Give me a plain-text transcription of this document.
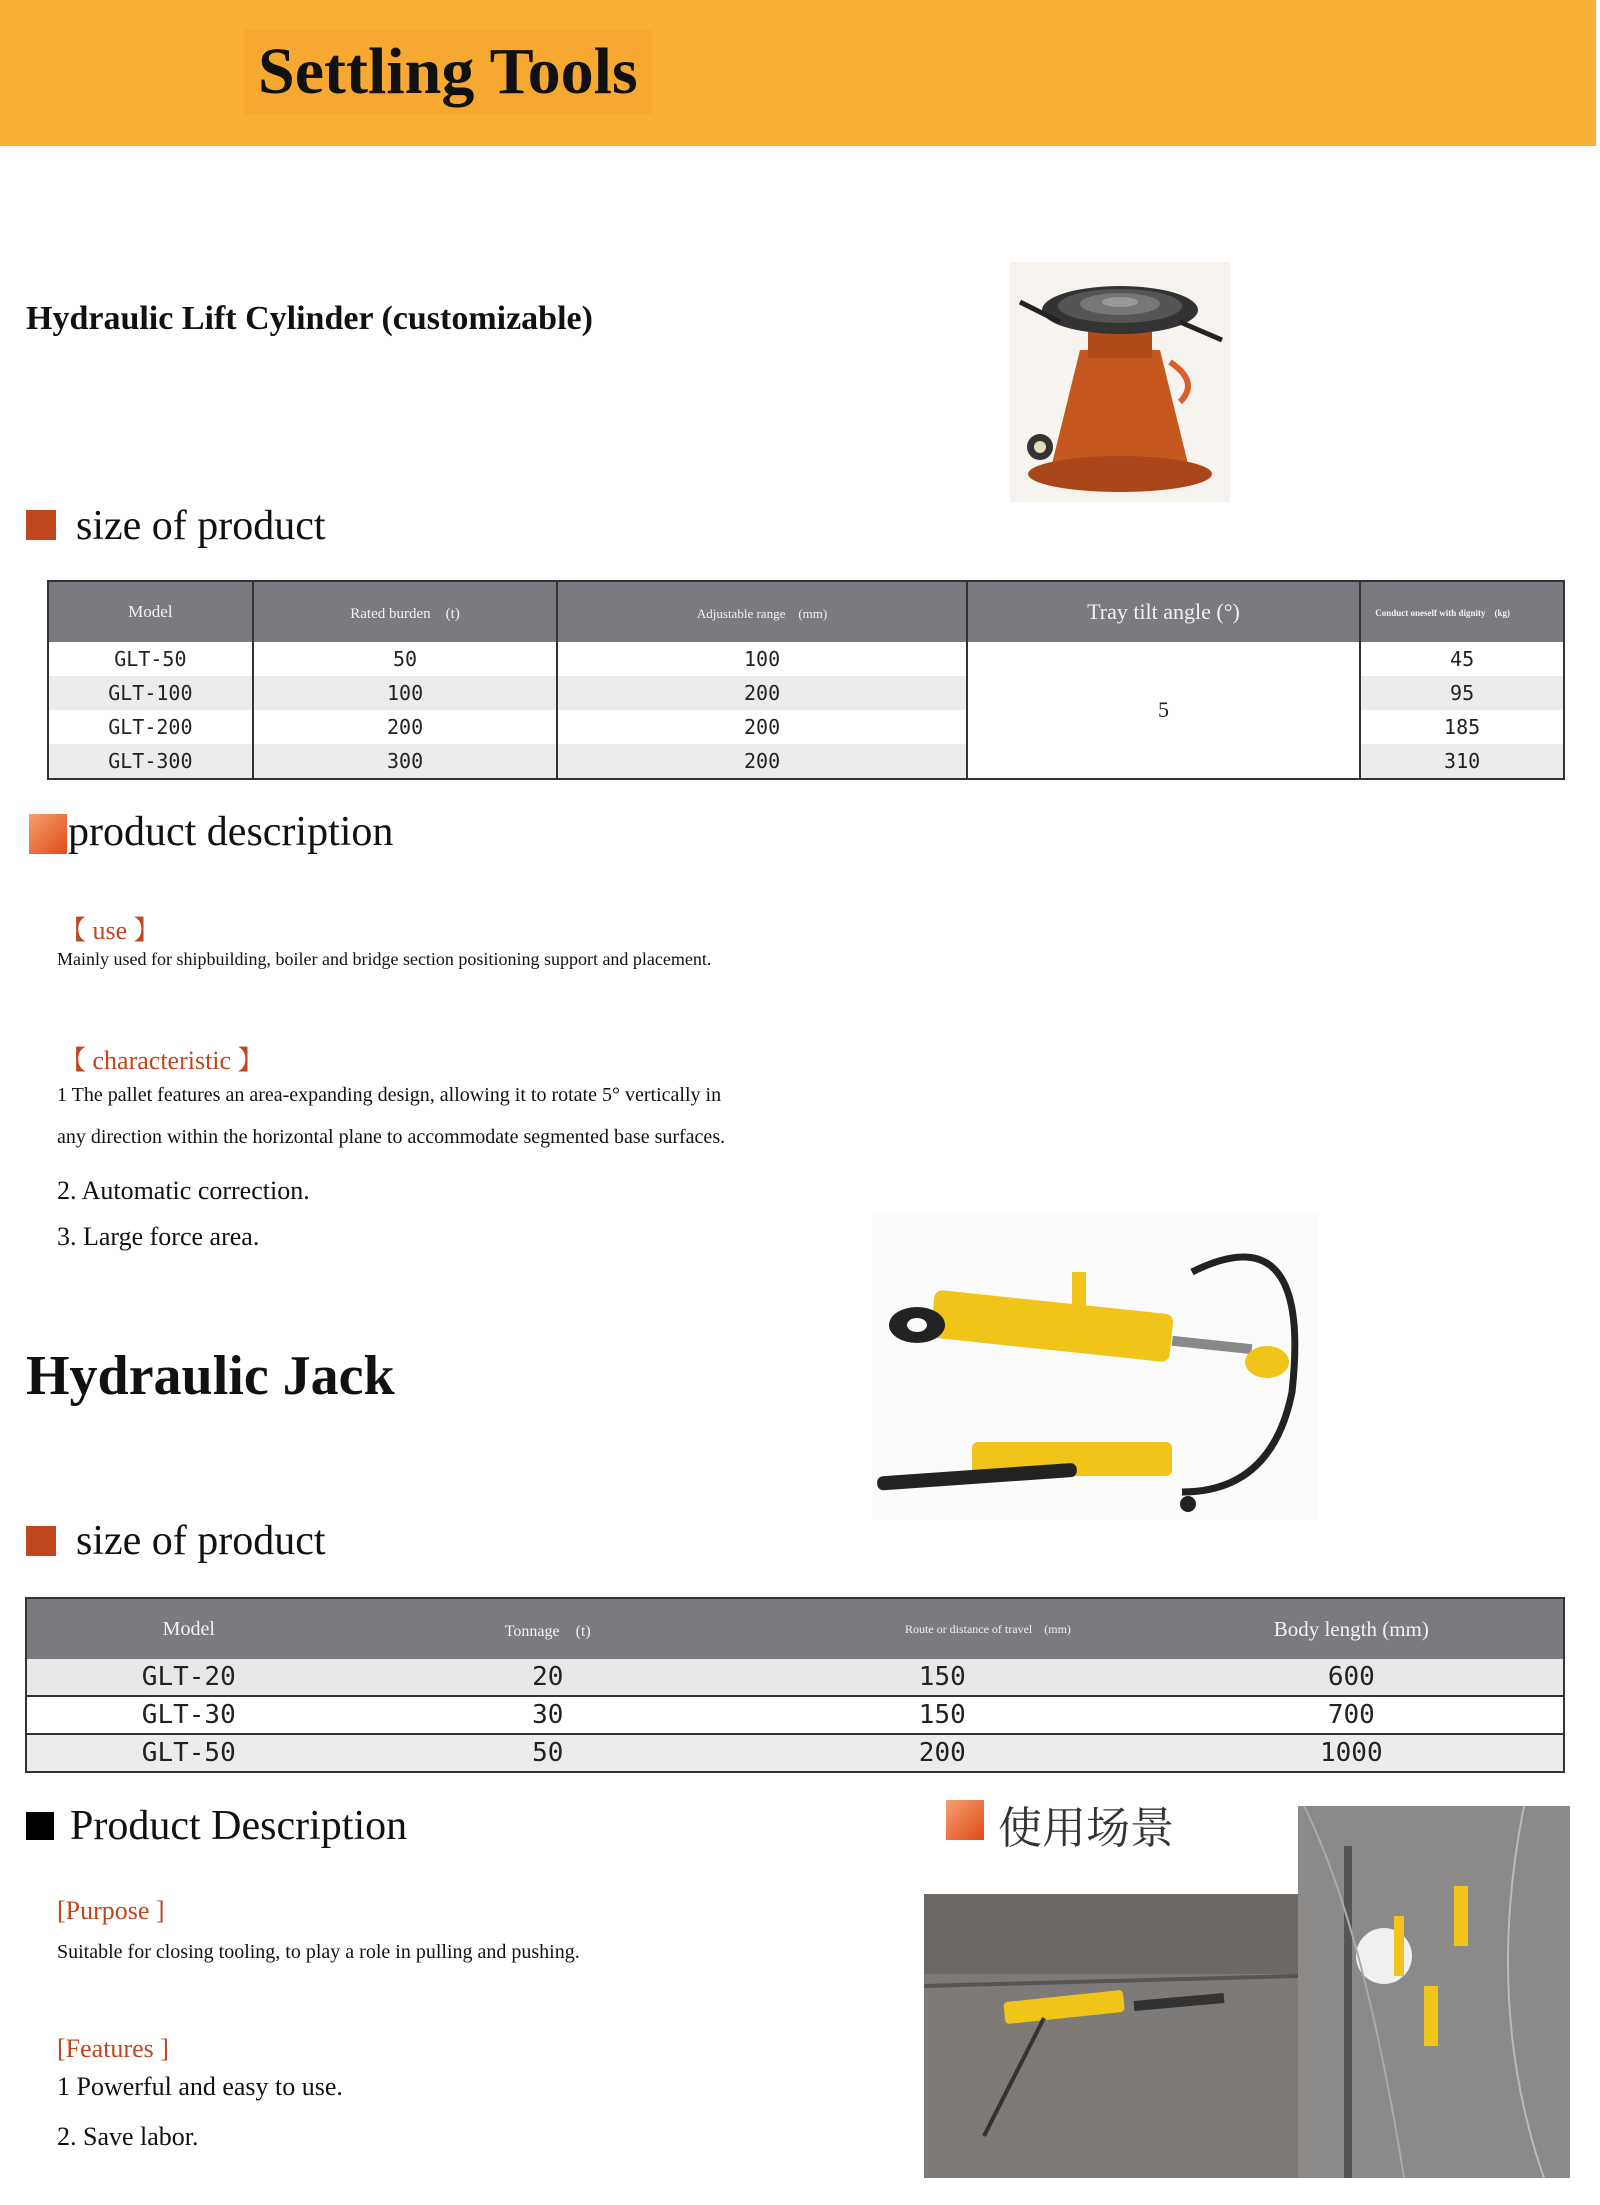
Settling Tools
Hydraulic Lift Cylinder (customizable)
size of product
Model	Rated burden　(t)	Adjustable range　(mm)	Tray tilt angle (°)	Conduct oneself with dignity　(kg)
GLT-50	50	100	5	45
GLT-100	100	200		95
GLT-200	200	200		185
GLT-300	300	200		310
product description
【 use 】
Mainly used for shipbuilding, boiler and bridge section positioning support and placement.
【 characteristic 】
1 The pallet features an area-expanding design, allowing it to rotate 5° vertically in
any direction within the horizontal plane to accommodate segmented base surfaces.
2. Automatic correction.
3. Large force area.
Hydraulic Jack
size of product
Model	Tonnage　(t)	Route or distance of travel　(mm)	Body length (mm)
GLT-20	20	150	600
GLT-30	30	150	700
GLT-50	50	200	1000
Product Description
[Purpose ]
Suitable for closing tooling, to play a role in pulling and pushing.
[Features ]
1 Powerful and easy to use.
2. Save labor.
使用场景
